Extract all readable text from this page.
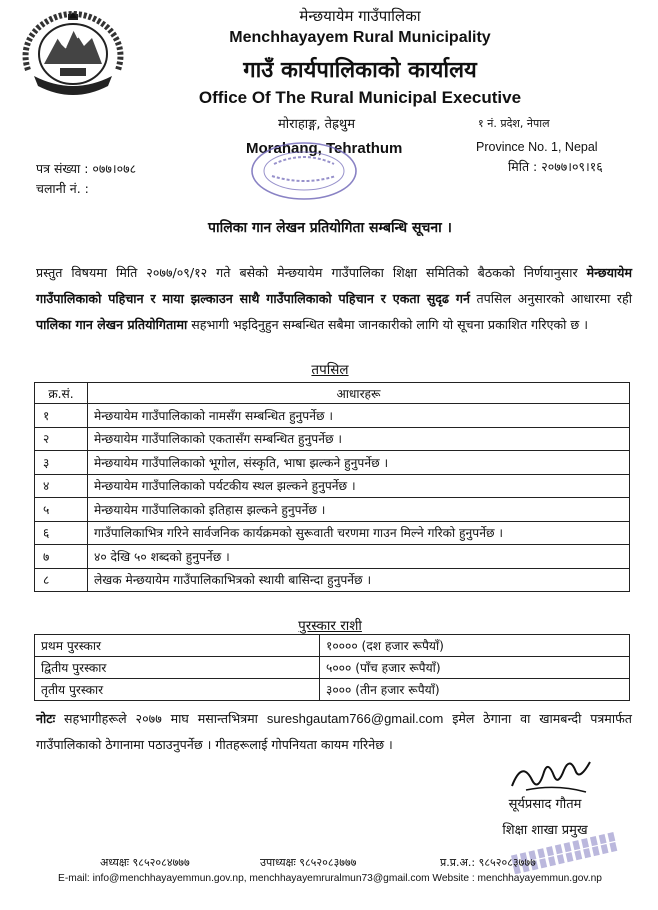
मेन्छयायेम गाउँपालिका
Menchhayayem Rural Municipality
गाउँ कार्यपालिकाको कार्यालय
Office Of The Rural Municipal Executive
मोराहाङ्ग, तेह्रथुम
Morahang, Tehrathum
१ नं. प्रदेश, नेपाल
Province No. 1, Nepal
मिति : २०७७।०९।१६
पत्र संख्या : ०७७।०७८
चलानी नं. :
पालिका गान लेखन प्रतियोगिता सम्बन्धि सूचना ।
प्रस्तुत विषयमा मिति २०७७/०९/१२ गते बसेको मेन्छयायेम गाउँपालिका शिक्षा समितिको बैठकको निर्णयानुसार मेन्छयायेम गाउँपालिकाको पहिचान र माया झल्काउन साथै गाउँपालिकाको पहिचान र एकता सुदृढ गर्न तपसिल अनुसारको आधारमा रही पालिका गान लेखन प्रतियोगितामा सहभागी भइदिनुहुन सम्बन्धित सबैमा जानकारीको लागि यो सूचना प्रकाशित गरिएको छ ।
तपसिल
क्र.सं.	आधारहरू
१	मेन्छयायेम गाउँपालिकाको नामसँग सम्बन्धित हुनुपर्नेछ ।
२	मेन्छयायेम गाउँपालिकाको एकतासँग सम्बन्धित हुनुपर्नेछ ।
३	मेन्छयायेम गाउँपालिकाको भूगोल, संस्कृति, भाषा झल्कने हुनुपर्नेछ ।
४	मेन्छयायेम गाउँपालिकाको पर्यटकीय स्थल झल्कने हुनुपर्नेछ ।
५	मेन्छयायेम गाउँपालिकाको इतिहास झल्कने हुनुपर्नेछ ।
६	गाउँपालिकाभित्र गरिने सार्वजनिक कार्यक्रमको सुरूवाती चरणमा गाउन मिल्ने गरिको हुनुपर्नेछ ।
७	४० देखि ५० शब्दको हुनुपर्नेछ ।
८	लेखक मेन्छयायेम गाउँपालिकाभित्रको स्थायी बासिन्दा हुनुपर्नेछ ।
पुरस्कार राशी
प्रथम पुरस्कार	१०००० (दश हजार रूपैयाँ)
द्वितीय पुरस्कार	५००० (पाँच हजार रूपैयाँ)
तृतीय पुरस्कार	३००० (तीन हजार रूपैयाँ)
नोटः सहभागीहरूले २०७७ माघ मसान्तभित्रमा sureshgautam766@gmail.com इमेल ठेगाना वा खामबन्दी पत्रमार्फत गाउँपालिकाको ठेगानामा पठाउनुपर्नेछ । गीतहरूलाई गोपनियता कायम गरिनेछ ।
सूर्यप्रसाद गौतम
शिक्षा शाखा प्रमुख
अध्यक्षः ९८५२०८४७७७	उपाध्यक्षः ९८५२०८३७७७	प्र.प्र.अ.: ९८५२०८३७७७
E-mail: info@menchhayayemmun.gov.np, menchhayayemruralmun73@gmail.com Website : menchhayayemmun.gov.np
